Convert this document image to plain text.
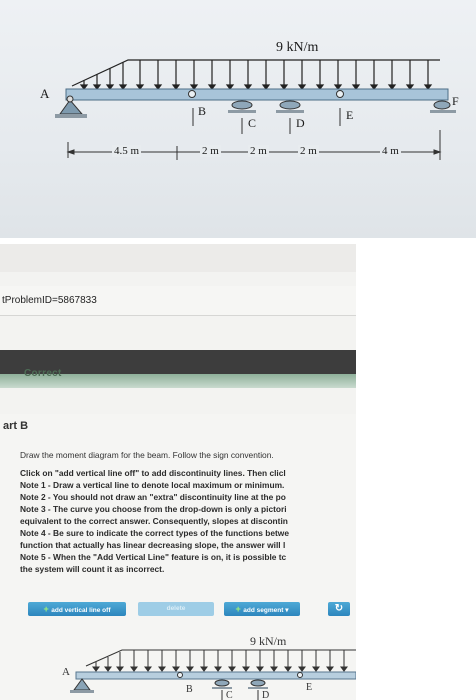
9 kN/m
A
B
C	D
E
F
4.5 m	2 m	2 m	2 m	4 m
tProblemID=5867833
Correct
art B
Draw the moment diagram for the beam. Follow the sign convention.
Click on "add vertical line off" to add discontinuity lines. Then clicl
Note 1 - Draw a vertical line to denote local maximum or minimum.
Note 2 - You should not draw an "extra" discontinuity line at the po
Note 3 - The curve you choose from the drop-down is only a pictori
equivalent to the correct answer. Consequently, slopes at discontin
Note 4 - Be sure to indicate the correct types of the functions betwe
function that actually has linear decreasing slope, the answer will l
Note 5 - When the "Add Vertical Line" feature is on, it is possible tc
the system will count it as incorrect.
+ add vertical line off	delete	+ add segment ▾	↻
9 kN/m
A
B
C	D
E
